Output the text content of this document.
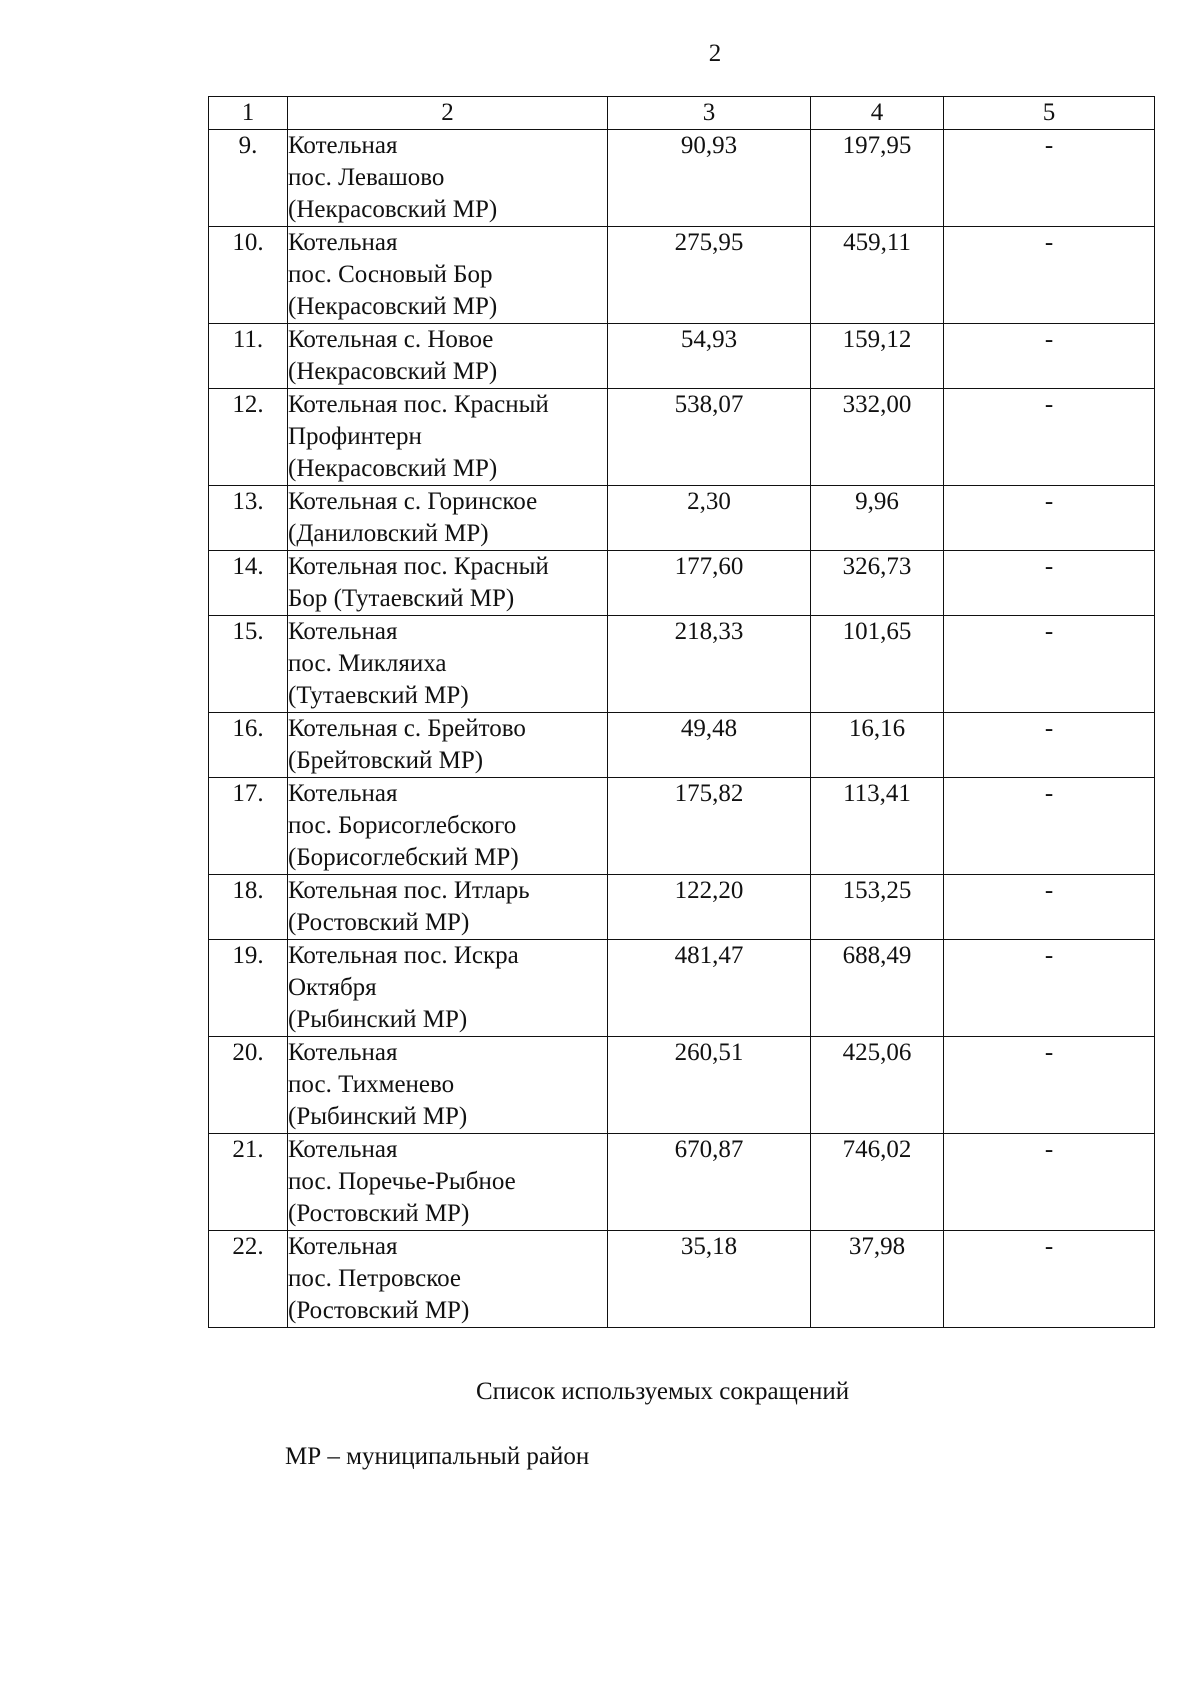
2
1	2	3	4	5
9.	Котельная
пос. Левашово
(Некрасовский МР)	90,93	197,95	-
10.	Котельная
пос. Сосновый Бор
(Некрасовский МР)	275,95	459,11	-
11.	Котельная с. Новое
(Некрасовский МР)	54,93	159,12	-
12.	Котельная пос. Красный
Профинтерн
(Некрасовский МР)	538,07	332,00	-
13.	Котельная с. Горинское
(Даниловский МР)	2,30	9,96	-
14.	Котельная пос. Красный
Бор (Тутаевский МР)	177,60	326,73	-
15.	Котельная
пос. Микляиха
(Тутаевский МР)	218,33	101,65	-
16.	Котельная с. Брейтово
(Брейтовский МР)	49,48	16,16	-
17.	Котельная
пос. Борисоглебского
(Борисоглебский МР)	175,82	113,41	-
18.	Котельная пос. Итларь
(Ростовский МР)	122,20	153,25	-
19.	Котельная пос. Искра
Октября
(Рыбинский МР)	481,47	688,49	-
20.	Котельная
пос. Тихменево
(Рыбинский МР)	260,51	425,06	-
21.	Котельная
пос. Поречье-Рыбное
(Ростовский МР)	670,87	746,02	-
22.	Котельная
пос. Петровское
(Ростовский МР)	35,18	37,98	-
Список используемых сокращений
МР – муниципальный район
